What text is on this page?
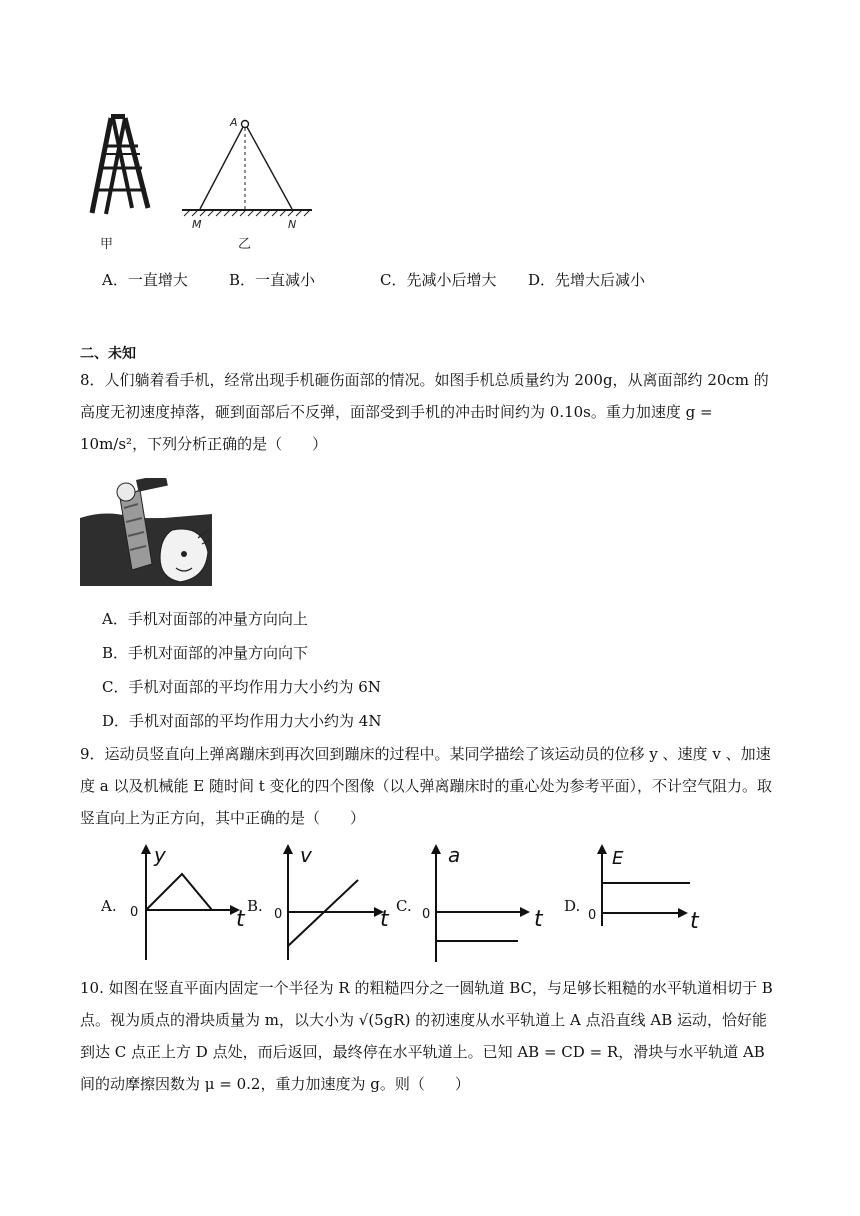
甲
A
M	N
乙
A．一直增大	B．一直减小	C．先减小后增大 D．先增大后减小
二、未知
8．人们躺着看手机，经常出现手机砸伤面部的情况。如图手机总质量约为 200g，从离面部约 20cm 的高度无初速度掉落，砸到面部后不反弹，面部受到手机的冲击时间约为 0.10s。重力加速度 g = 10m/s²，下列分析正确的是（　　）
A．手机对面部的冲量方向向上
B．手机对面部的冲量方向向下
C．手机对面部的平均作用力大小约为 6N
D．手机对面部的平均作用力大小约为 4N
9．运动员竖直向上弹离蹦床到再次回到蹦床的过程中。某同学描绘了该运动员的位移 y 、速度 v 、加速度 a 以及机械能 E 随时间 t 变化的四个图像（以人弹离蹦床时的重心处为参考平面），不计空气阻力。取竖直向上为正方向，其中正确的是（　　）
A.
y
t
0	B.
v
t
0	C.
a
t
0	D.
E
t
0
10. 如图在竖直平面内固定一个半径为 R 的粗糙四分之一圆轨道 BC，与足够长粗糙的水平轨道相切于 B 点。视为质点的滑块质量为 m，以大小为 √(5gR) 的初速度从水平轨道上 A 点沿直线 AB 运动，恰好能到达 C 点正上方 D 点处，而后返回，最终停在水平轨道上。已知 AB = CD = R，滑块与水平轨道 AB 间的动摩擦因数为 μ = 0.2，重力加速度为 g。则（　　）
